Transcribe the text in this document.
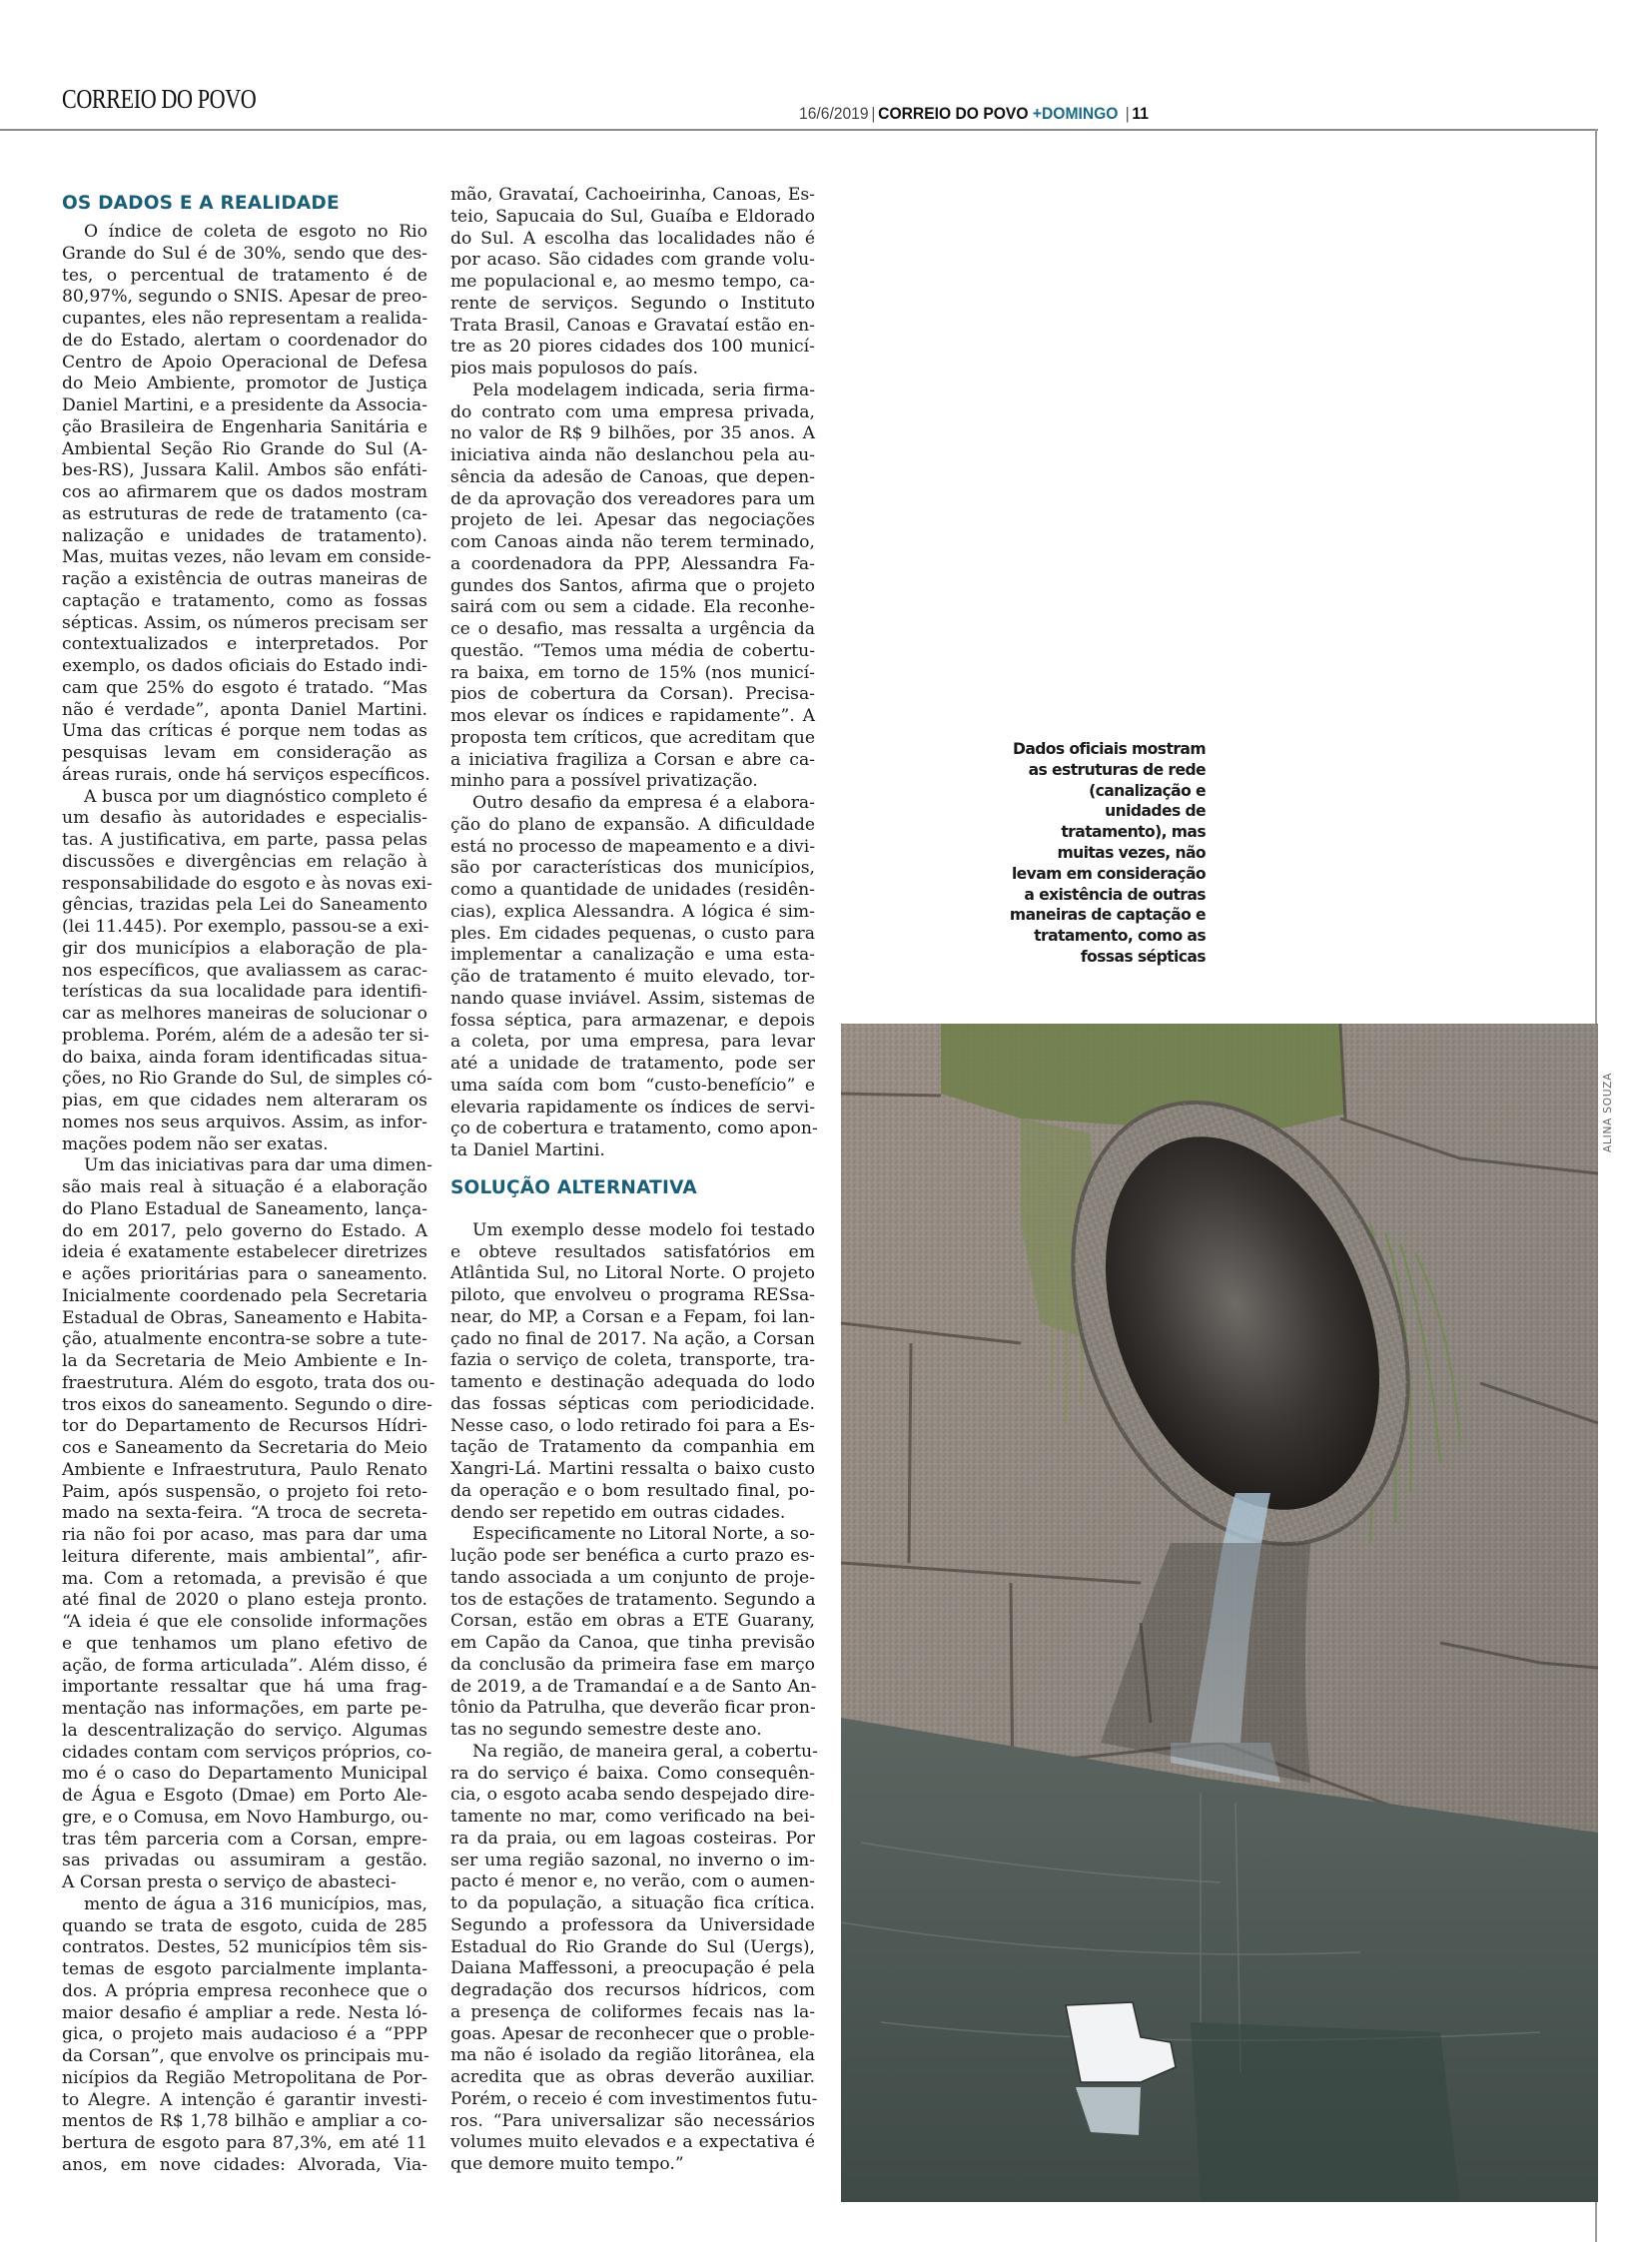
CORREIO DO POVO	16/6/2019 | CORREIO DO POVO +DOMINGO | 11
OS DADOS E A REALIDADE
O índice de coleta de esgoto no Rio
Grande do Sul é de 30%, sendo que des-
tes, o percentual de tratamento é de
80,97%, segundo o SNIS. Apesar de preo-
cupantes, eles não representam a realida-
de do Estado, alertam o coordenador do
Centro de Apoio Operacional de Defesa
do Meio Ambiente, promotor de Justiça
Daniel Martini, e a presidente da Associa-
ção Brasileira de Engenharia Sanitária e
Ambiental Seção Rio Grande do Sul (A-
bes-RS), Jussara Kalil. Ambos são enfáti-
cos ao afirmarem que os dados mostram
as estruturas de rede de tratamento (ca-
nalização e unidades de tratamento).
Mas, muitas vezes, não levam em conside-
ração a existência de outras maneiras de
captação e tratamento, como as fossas
sépticas. Assim, os números precisam ser
contextualizados e interpretados. Por
exemplo, os dados oficiais do Estado indi-
cam que 25% do esgoto é tratado. “Mas
não é verdade”, aponta Daniel Martini.
Uma das críticas é porque nem todas as
pesquisas levam em consideração as
áreas rurais, onde há serviços específicos.
A busca por um diagnóstico completo é
um desafio às autoridades e especialis-
tas. A justificativa, em parte, passa pelas
discussões e divergências em relação à
responsabilidade do esgoto e às novas exi-
gências, trazidas pela Lei do Saneamento
(lei 11.445). Por exemplo, passou-se a exi-
gir dos municípios a elaboração de pla-
nos específicos, que avaliassem as carac-
terísticas da sua localidade para identifi-
car as melhores maneiras de solucionar o
problema. Porém, além de a adesão ter si-
do baixa, ainda foram identificadas situa-
ções, no Rio Grande do Sul, de simples có-
pias, em que cidades nem alteraram os
nomes nos seus arquivos. Assim, as infor-
mações podem não ser exatas.
Um das iniciativas para dar uma dimen-
são mais real à situação é a elaboração
do Plano Estadual de Saneamento, lança-
do em 2017, pelo governo do Estado. A
ideia é exatamente estabelecer diretrizes
e ações prioritárias para o saneamento.
Inicialmente coordenado pela Secretaria
Estadual de Obras, Saneamento e Habita-
ção, atualmente encontra-se sobre a tute-
la da Secretaria de Meio Ambiente e In-
fraestrutura. Além do esgoto, trata dos ou-
tros eixos do saneamento. Segundo o dire-
tor do Departamento de Recursos Hídri-
cos e Saneamento da Secretaria do Meio
Ambiente e Infraestrutura, Paulo Renato
Paim, após suspensão, o projeto foi reto-
mado na sexta-feira. “A troca de secreta-
ria não foi por acaso, mas para dar uma
leitura diferente, mais ambiental”, afir-
ma. Com a retomada, a previsão é que
até final de 2020 o plano esteja pronto.
“A ideia é que ele consolide informações
e que tenhamos um plano efetivo de
ação, de forma articulada”. Além disso, é
importante ressaltar que há uma frag-
mentação nas informações, em parte pe-
la descentralização do serviço. Algumas
cidades contam com serviços próprios, co-
mo é o caso do Departamento Municipal
de Água e Esgoto (Dmae) em Porto Ale-
gre, e o Comusa, em Novo Hamburgo, ou-
tras têm parceria com a Corsan, empre-
sas privadas ou assumiram a gestão.
A Corsan presta o serviço de abasteci-
mento de água a 316 municípios, mas,
quando se trata de esgoto, cuida de 285
contratos. Destes, 52 municípios têm sis-
temas de esgoto parcialmente implanta-
dos. A própria empresa reconhece que o
maior desafio é ampliar a rede. Nesta ló-
gica, o projeto mais audacioso é a “PPP
da Corsan”, que envolve os principais mu-
nicípios da Região Metropolitana de Por-
to Alegre. A intenção é garantir investi-
mentos de R$ 1,78 bilhão e ampliar a co-
bertura de esgoto para 87,3%, em até 11
anos, em nove cidades: Alvorada, Via-
mão, Gravataí, Cachoeirinha, Canoas, Es-
teio, Sapucaia do Sul, Guaíba e Eldorado
do Sul. A escolha das localidades não é
por acaso. São cidades com grande volu-
me populacional e, ao mesmo tempo, ca-
rente de serviços. Segundo o Instituto
Trata Brasil, Canoas e Gravataí estão en-
tre as 20 piores cidades dos 100 municí-
pios mais populosos do país.
Pela modelagem indicada, seria firma-
do contrato com uma empresa privada,
no valor de R$ 9 bilhões, por 35 anos. A
iniciativa ainda não deslanchou pela au-
sência da adesão de Canoas, que depen-
de da aprovação dos vereadores para um
projeto de lei. Apesar das negociações
com Canoas ainda não terem terminado,
a coordenadora da PPP, Alessandra Fa-
gundes dos Santos, afirma que o projeto
sairá com ou sem a cidade. Ela reconhe-
ce o desafio, mas ressalta a urgência da
questão. “Temos uma média de cobertu-
ra baixa, em torno de 15% (nos municí-
pios de cobertura da Corsan). Precisa-
mos elevar os índices e rapidamente”. A
proposta tem críticos, que acreditam que
a iniciativa fragiliza a Corsan e abre ca-
minho para a possível privatização.
Outro desafio da empresa é a elabora-
ção do plano de expansão. A dificuldade
está no processo de mapeamento e a divi-
são por características dos municípios,
como a quantidade de unidades (residên-
cias), explica Alessandra. A lógica é sim-
ples. Em cidades pequenas, o custo para
implementar a canalização e uma esta-
ção de tratamento é muito elevado, tor-
nando quase inviável. Assim, sistemas de
fossa séptica, para armazenar, e depois
a coleta, por uma empresa, para levar
até a unidade de tratamento, pode ser
uma saída com bom “custo-benefício” e
elevaria rapidamente os índices de servi-
ço de cobertura e tratamento, como apon-
ta Daniel Martini.
SOLUÇÃO ALTERNATIVA
Um exemplo desse modelo foi testado
e obteve resultados satisfatórios em
Atlântida Sul, no Litoral Norte. O projeto
piloto, que envolveu o programa RESsa-
near, do MP, a Corsan e a Fepam, foi lan-
çado no final de 2017. Na ação, a Corsan
fazia o serviço de coleta, transporte, tra-
tamento e destinação adequada do lodo
das fossas sépticas com periodicidade.
Nesse caso, o lodo retirado foi para a Es-
tação de Tratamento da companhia em
Xangri-Lá. Martini ressalta o baixo custo
da operação e o bom resultado final, po-
dendo ser repetido em outras cidades.
Especificamente no Litoral Norte, a so-
lução pode ser benéfica a curto prazo es-
tando associada a um conjunto de proje-
tos de estações de tratamento. Segundo a
Corsan, estão em obras a ETE Guarany,
em Capão da Canoa, que tinha previsão
da conclusão da primeira fase em março
de 2019, a de Tramandaí e a de Santo An-
tônio da Patrulha, que deverão ficar pron-
tas no segundo semestre deste ano.
Na região, de maneira geral, a cobertu-
ra do serviço é baixa. Como consequên-
cia, o esgoto acaba sendo despejado dire-
tamente no mar, como verificado na bei-
ra da praia, ou em lagoas costeiras. Por
ser uma região sazonal, no inverno o im-
pacto é menor e, no verão, com o aumen-
to da população, a situação fica crítica.
Segundo a professora da Universidade
Estadual do Rio Grande do Sul (Uergs),
Daiana Maffessoni, a preocupação é pela
degradação dos recursos hídricos, com
a presença de coliformes fecais nas la-
goas. Apesar de reconhecer que o proble-
ma não é isolado da região litorânea, ela
acredita que as obras deverão auxiliar.
Porém, o receio é com investimentos futu-
ros. “Para universalizar são necessários
volumes muito elevados e a expectativa é
que demore muito tempo.”
Dados oficiais mostram
as estruturas de rede
(canalização e
unidades de
tratamento), mas
muitas vezes, não
levam em consideração
a existência de outras
maneiras de captação e
tratamento, como as
fossas sépticas
ALINA SOUZA
